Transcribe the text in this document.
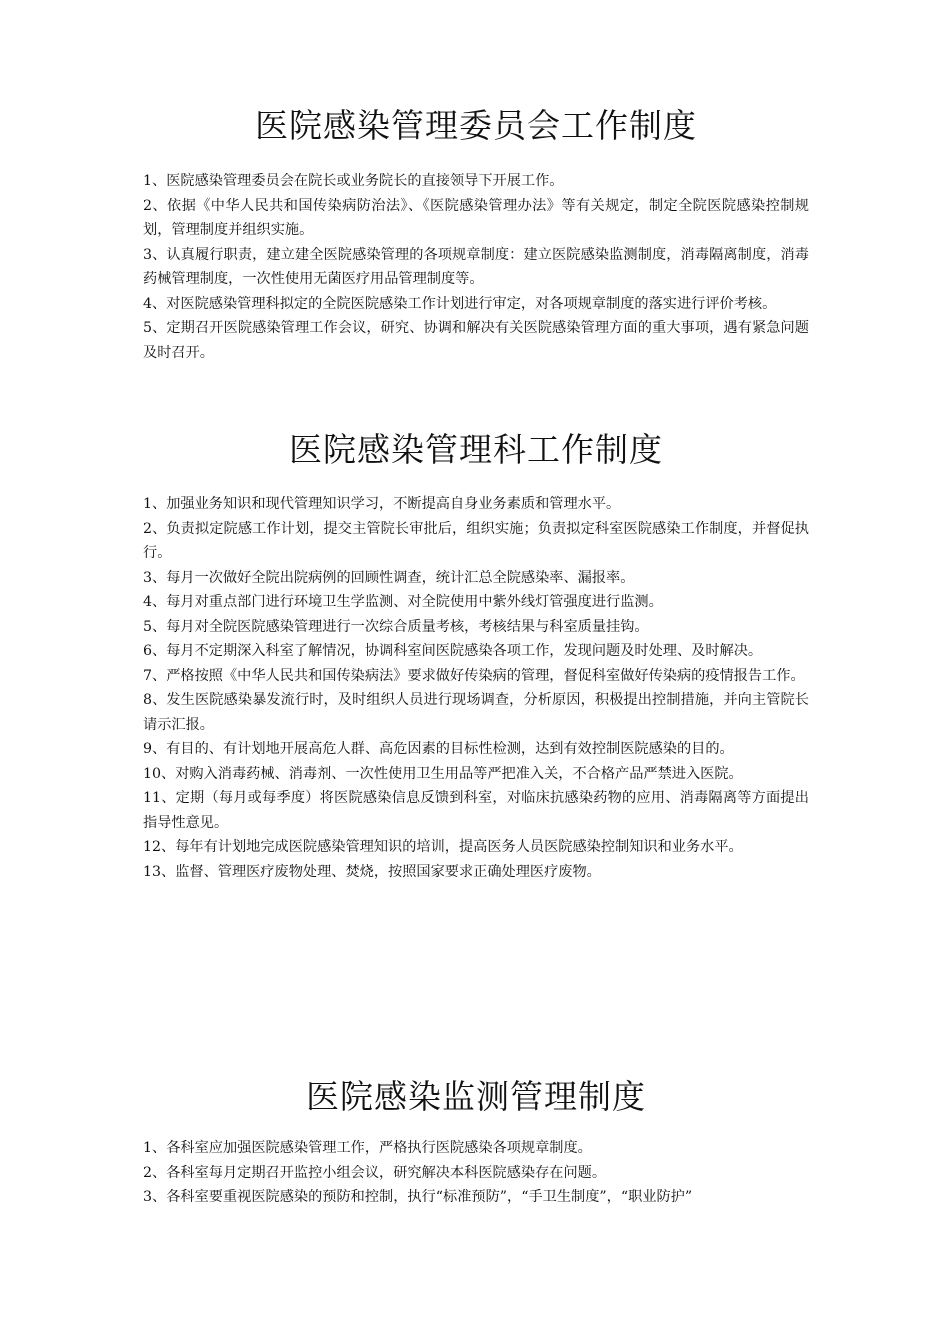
医院感染管理委员会工作制度
1、医院感染管理委员会在院长或业务院长的直接领导下开展工作。
2、依据《中华人民共和国传染病防治法》、《医院感染管理办法》等有关规定，制定全院医院感染控制规划，管理制度并组织实施。
3、认真履行职责，建立建全医院感染管理的各项规章制度：建立医院感染监测制度，消毒隔离制度，消毒药械管理制度，一次性使用无菌医疗用品管理制度等。
4、对医院感染管理科拟定的全院医院感染工作计划进行审定，对各项规章制度的落实进行评价考核。
5、定期召开医院感染管理工作会议，研究、协调和解决有关医院感染管理方面的重大事项，遇有紧急问题及时召开。
医院感染管理科工作制度
1、加强业务知识和现代管理知识学习，不断提高自身业务素质和管理水平。
2、负责拟定院感工作计划，提交主管院长审批后，组织实施；负责拟定科室医院感染工作制度，并督促执行。
3、每月一次做好全院出院病例的回顾性调查，统计汇总全院感染率、漏报率。
4、每月对重点部门进行环境卫生学监测、对全院使用中紫外线灯管强度进行监测。
5、每月对全院医院感染管理进行一次综合质量考核，考核结果与科室质量挂钩。
6、每月不定期深入科室了解情况，协调科室间医院感染各项工作，发现问题及时处理、及时解决。
7、严格按照《中华人民共和国传染病法》要求做好传染病的管理，督促科室做好传染病的疫情报告工作。
8、发生医院感染暴发流行时，及时组织人员进行现场调查，分析原因，积极提出控制措施，并向主管院长请示汇报。
9、有目的、有计划地开展高危人群、高危因素的目标性检测，达到有效控制医院感染的目的。
10、对购入消毒药械、消毒剂、一次性使用卫生用品等严把准入关，不合格产品严禁进入医院。
11、定期（每月或每季度）将医院感染信息反馈到科室，对临床抗感染药物的应用、消毒隔离等方面提出指导性意见。
12、每年有计划地完成医院感染管理知识的培训，提高医务人员医院感染控制知识和业务水平。
13、监督、管理医疗废物处理、焚烧，按照国家要求正确处理医疗废物。
医院感染监测管理制度
1、各科室应加强医院感染管理工作，严格执行医院感染各项规章制度。
2、各科室每月定期召开监控小组会议，研究解决本科医院感染存在问题。
3、各科室要重视医院感染的预防和控制，执行“标准预防”，“手卫生制度”，“职业防护”
